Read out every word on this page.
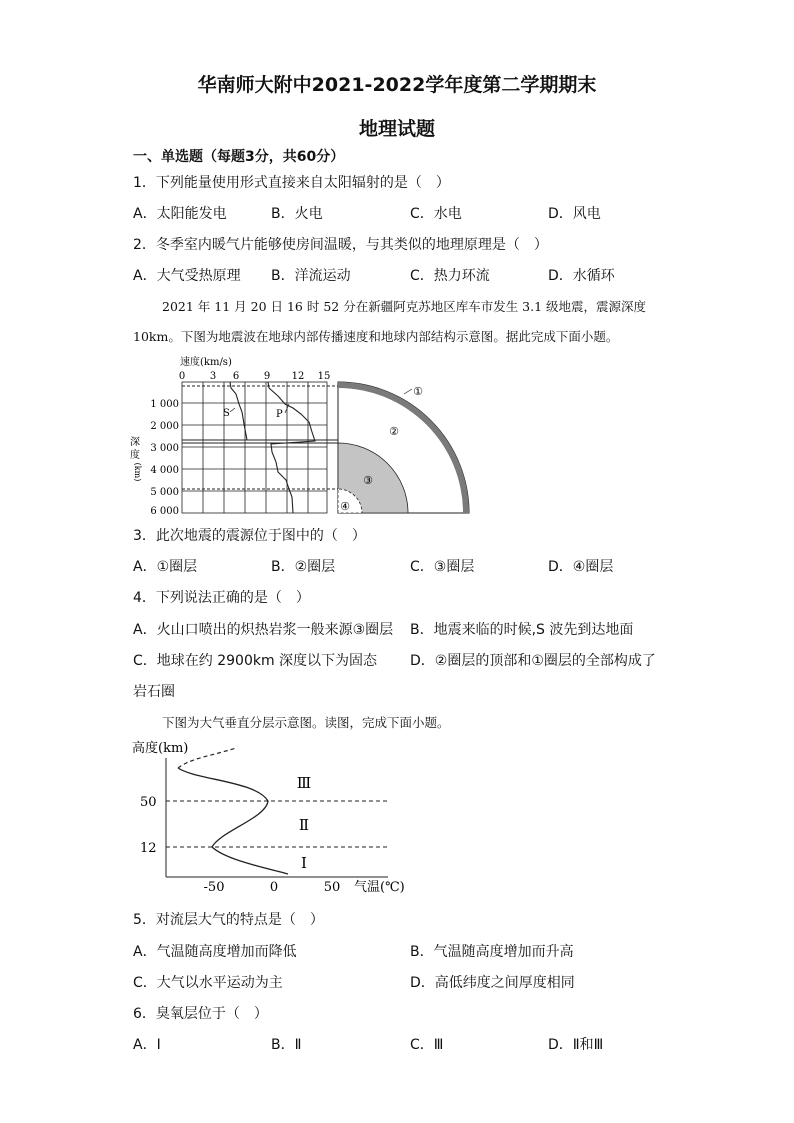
华南师大附中2021-2022学年度第二学期期末
地理试题
一、单选题（每题3分，共60分）
1．下列能量使用形式直接来自太阳辐射的是（　）
A．太阳能发电	B．火电	C．水电	D．风电
2．冬季室内暖气片能够使房间温暖，与其类似的地理原理是（　）
A．大气受热原理 B．洋流运动	C．热力环流	D．水循环
2021 年 11 月 20 日 16 时 52 分在新疆阿克苏地区库车市发生 3.1 级地震，震源深度
10km。下图为地震波在地球内部传播速度和地球内部结构示意图。据此完成下面小题。
速度(km/s)
0 3 6 9 12 15
1 000
2 000
3 000
4 000
5 000
6 000
深
度
(km)
S	P
①
②
③
④
3．此次地震的震源位于图中的（　）
A．①圈层	B．②圈层	C．③圈层	D．④圈层
4．下列说法正确的是（　）
A．火山口喷出的炽热岩浆一般来源③圈层 B．地震来临的时候,S 波先到达地面
C．地球在约 2900km 深度以下为固态 D．②圈层的顶部和①圈层的全部构成了
岩石圈
下图为大气垂直分层示意图。读图，完成下面小题。
高度(km)
50
12
-50	0	50 气温(℃)
Ⅲ
Ⅱ
Ⅰ
5．对流层大气的特点是（　）
A．气温随高度增加而降低	B．气温随高度增加而升高
C．大气以水平运动为主	D．高低纬度之间厚度相同
6．臭氧层位于（　）
A．Ⅰ	B．Ⅱ	C．Ⅲ	D．Ⅱ和Ⅲ
